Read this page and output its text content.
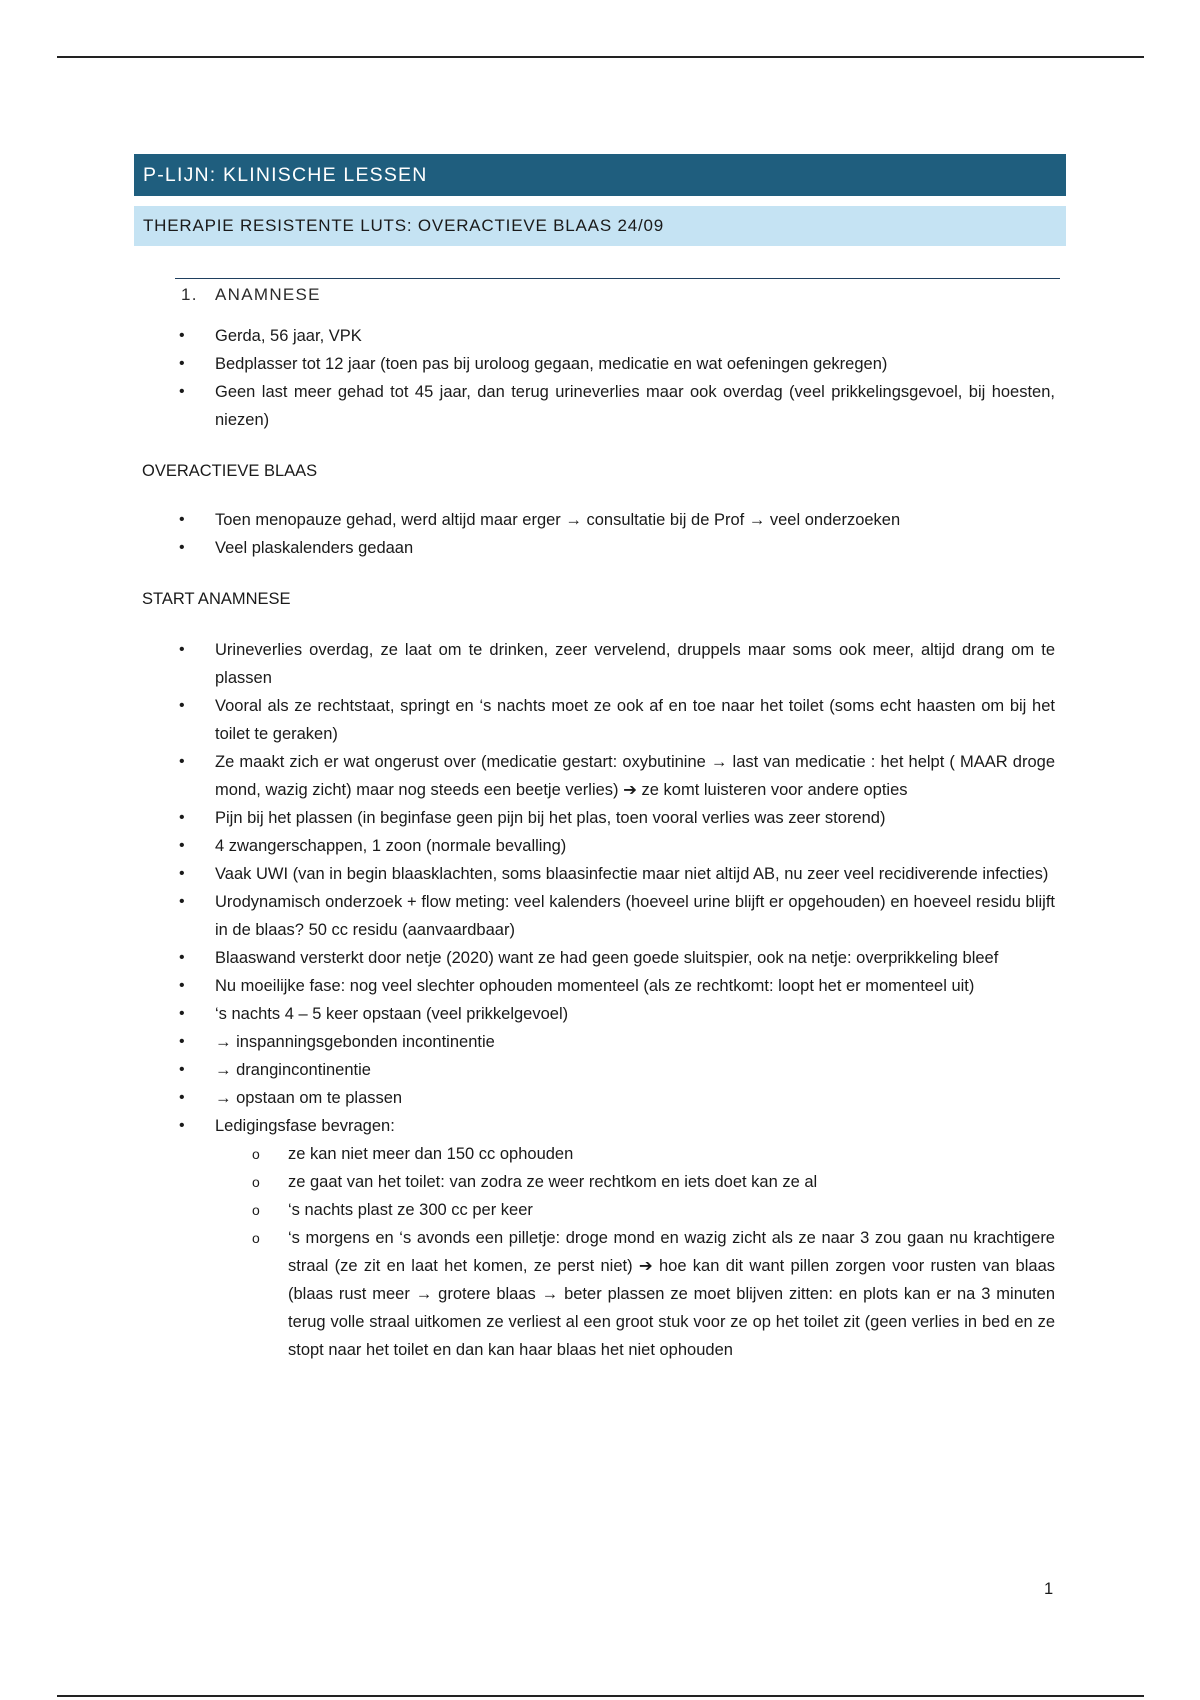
P-LIJN: KLINISCHE LESSEN
THERAPIE RESISTENTE LUTS: OVERACTIEVE BLAAS 24/09
1. ANAMNESE
• Gerda, 56 jaar, VPK
• Bedplasser tot 12 jaar (toen pas bij uroloog gegaan, medicatie en wat oefeningen gekregen)
• Geen last meer gehad tot 45 jaar, dan terug urineverlies maar ook overdag (veel prikkelingsgevoel, bij hoesten, niezen)
OVERACTIEVE BLAAS
• Toen menopauze gehad, werd altijd maar erger → consultatie bij de Prof → veel onderzoeken
• Veel plaskalenders gedaan
START ANAMNESE
• Urineverlies overdag, ze laat om te drinken, zeer vervelend, druppels maar soms ook meer, altijd drang om te plassen
• Vooral als ze rechtstaat, springt en ‘s nachts moet ze ook af en toe naar het toilet (soms echt haasten om bij het toilet te geraken)
• Ze maakt zich er wat ongerust over (medicatie gestart: oxybutinine → last van medicatie : het helpt ( MAAR droge mond, wazig zicht) maar nog steeds een beetje verlies) ➔ ze komt luisteren voor andere opties
• Pijn bij het plassen (in beginfase geen pijn bij het plas, toen vooral verlies was zeer storend)
• 4 zwangerschappen, 1 zoon (normale bevalling)
• Vaak UWI (van in begin blaasklachten, soms blaasinfectie maar niet altijd AB, nu zeer veel recidiverende infecties)
• Urodynamisch onderzoek + flow meting: veel kalenders (hoeveel urine blijft er opgehouden) en hoeveel residu blijft in de blaas? 50 cc residu (aanvaardbaar)
• Blaaswand versterkt door netje (2020) want ze had geen goede sluitspier, ook na netje: overprikkeling bleef
• Nu moeilijke fase: nog veel slechter ophouden momenteel (als ze rechtkomt: loopt het er momenteel uit)
• ‘s nachts 4 – 5 keer opstaan (veel prikkelgevoel)
• → inspanningsgebonden incontinentie
• → drangincontinentie
• → opstaan om te plassen
• Ledigingsfase bevragen:
o ze kan niet meer dan 150 cc ophouden
o ze gaat van het toilet: van zodra ze weer rechtkom en iets doet kan ze al
o ‘s nachts plast ze 300 cc per keer
o ‘s morgens en ‘s avonds een pilletje: droge mond en wazig zicht als ze naar 3 zou gaan nu krachtigere straal (ze zit en laat het komen, ze perst niet) ➔ hoe kan dit want pillen zorgen voor rusten van blaas (blaas rust meer → grotere blaas → beter plassen ze moet blijven zitten: en plots kan er na 3 minuten terug volle straal uitkomen ze verliest al een groot stuk voor ze op het toilet zit (geen verlies in bed en ze stopt naar het toilet en dan kan haar blaas het niet ophouden
1
